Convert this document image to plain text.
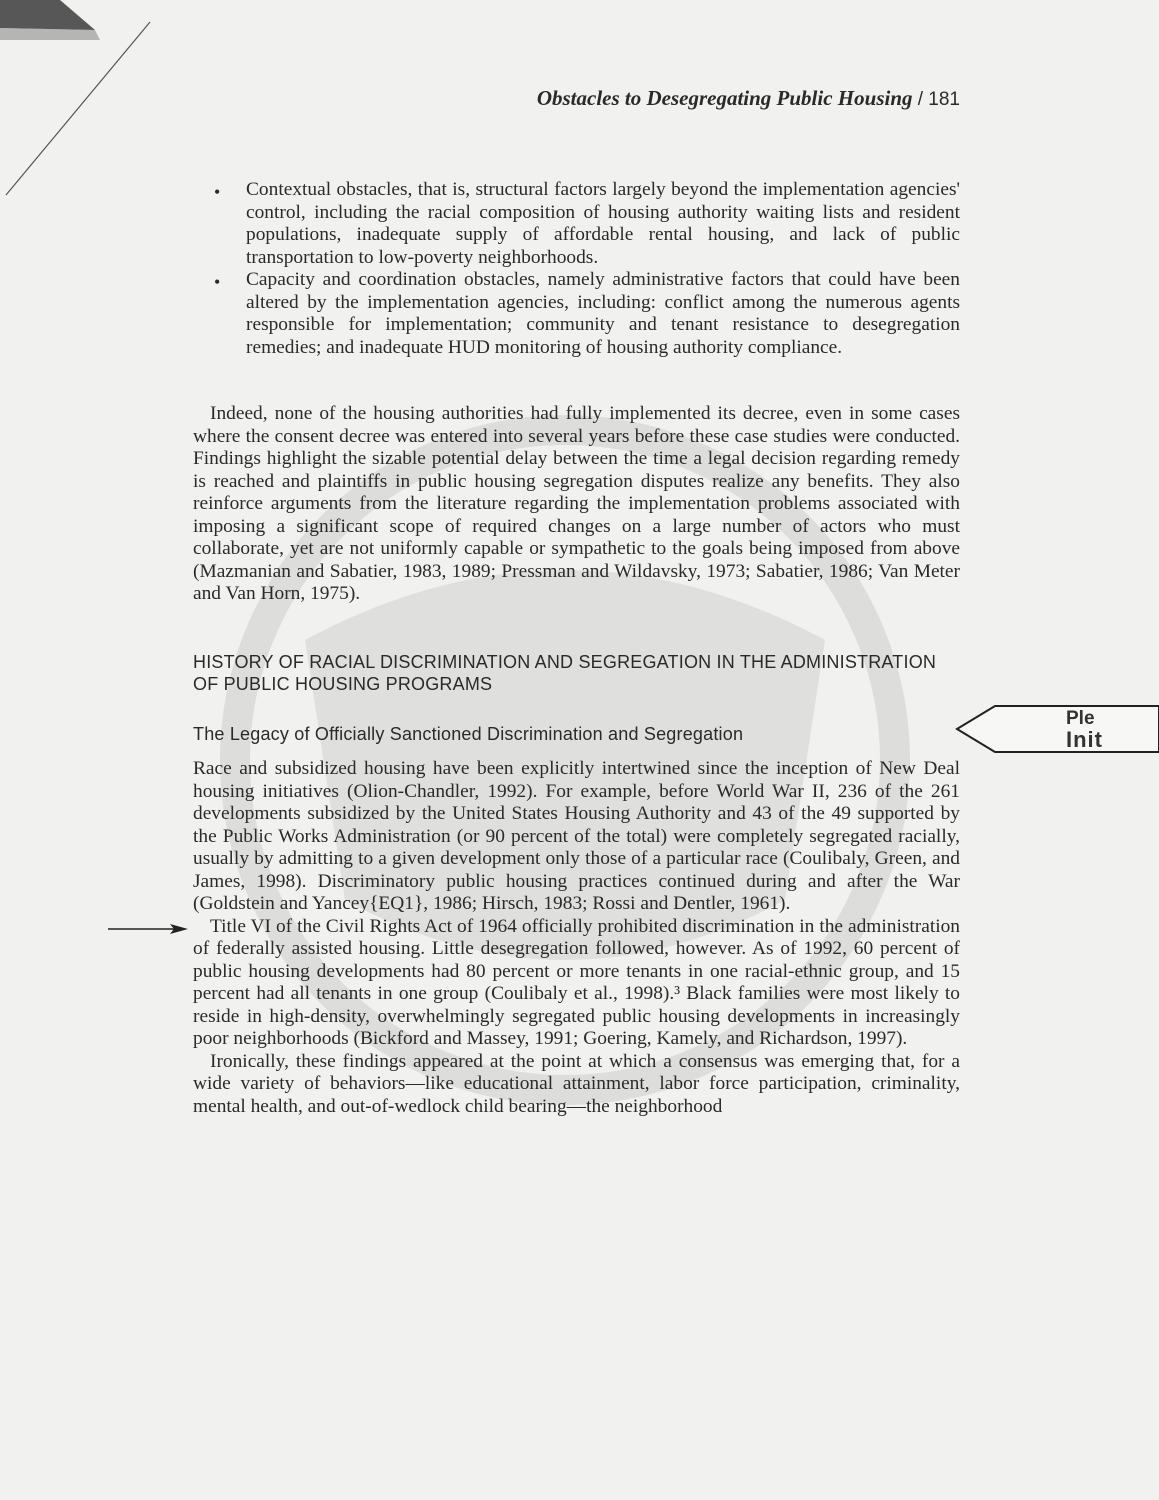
Obstacles to Desegregating Public Housing / 181
• Contextual obstacles, that is, structural factors largely beyond the implementation agencies' control, including the racial composition of housing authority waiting lists and resident populations, inadequate supply of affordable rental housing, and lack of public transportation to low-poverty neighborhoods.
• Capacity and coordination obstacles, namely administrative factors that could have been altered by the implementation agencies, including: conflict among the numerous agents responsible for implementation; community and tenant resistance to desegregation remedies; and inadequate HUD monitoring of housing authority compliance.

Indeed, none of the housing authorities had fully implemented its decree, even in some cases where the consent decree was entered into several years before these case studies were conducted. Findings highlight the sizable potential delay between the time a legal decision regarding remedy is reached and plaintiffs in public housing segregation disputes realize any benefits. They also reinforce arguments from the literature regarding the implementation problems associated with imposing a significant scope of required changes on a large number of actors who must collaborate, yet are not uniformly capable or sympathetic to the goals being imposed from above (Mazmanian and Sabatier, 1983, 1989; Pressman and Wildavsky, 1973; Sabatier, 1986; Van Meter and Van Horn, 1975).

HISTORY OF RACIAL DISCRIMINATION AND SEGREGATION IN THE ADMINISTRATION OF PUBLIC HOUSING PROGRAMS
The Legacy of Officially Sanctioned Discrimination and Segregation

Race and subsidized housing have been explicitly intertwined since the inception of New Deal housing initiatives (Olion-Chandler, 1992). For example, before World War II, 236 of the 261 developments subsidized by the United States Housing Authority and 43 of the 49 supported by the Public Works Administration (or 90 percent of the total) were completely segregated racially, usually by admitting to a given development only those of a particular race (Coulibaly, Green, and James, 1998). Discriminatory public housing practices continued during and after the War (Goldstein and Yancey{EQ1}, 1986; Hirsch, 1983; Rossi and Dentler, 1961).

Title VI of the Civil Rights Act of 1964 officially prohibited discrimination in the administration of federally assisted housing. Little desegregation followed, however. As of 1992, 60 percent of public housing developments had 80 percent or more tenants in one racial-ethnic group, and 15 percent had all tenants in one group (Coulibaly et al., 1998).³ Black families were most likely to reside in high-density, overwhelmingly segregated public housing developments in increasingly poor neighborhoods (Bickford and Massey, 1991; Goering, Kamely, and Richardson, 1997).

Ironically, these findings appeared at the point at which a consensus was emerging that, for a wide variety of behaviors—like educational attainment, labor force participation, criminality, mental health, and out-of-wedlock child bearing—the neighborhood

Ple
Init
